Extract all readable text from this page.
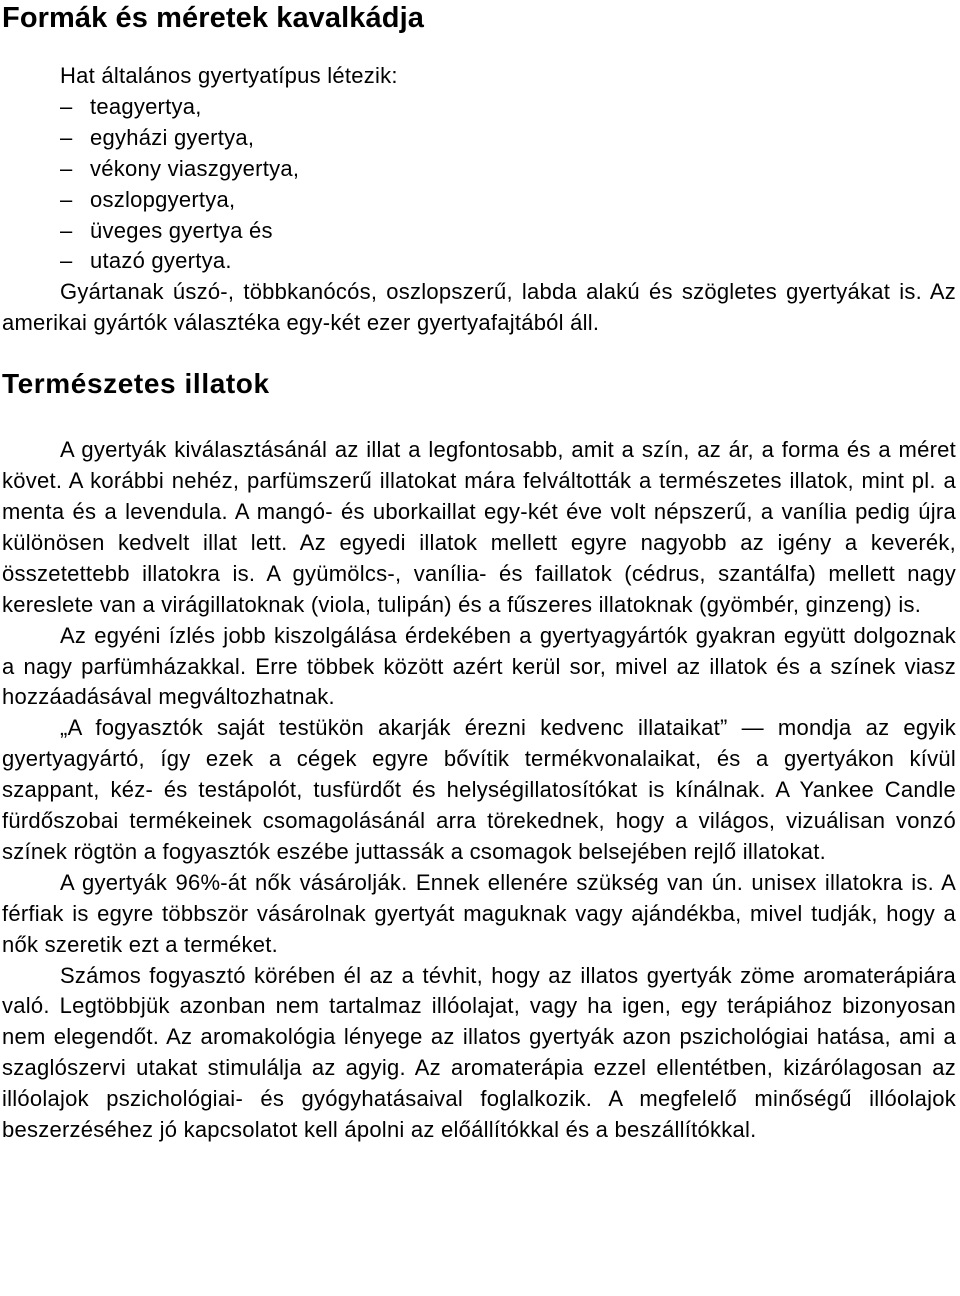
Formák és méretek kavalkádja
Hat általános gyertyatípus létezik:
– teagyertya,
– egyházi gyertya,
– vékony viaszgyertya,
– oszlopgyertya,
– üveges gyertya és
– utazó gyertya.

Gyártanak úszó-, többkanócós, oszlopszerű, labda alakú és szögletes gyertyákat is. Az amerikai gyártók választéka egy-két ezer gyertyafajtából áll.

Természetes illatok

A gyertyák kiválasztásánál az illat a legfontosabb, amit a szín, az ár, a forma és a méret követ. A korábbi nehéz, parfümszerű illatokat mára felváltották a természetes illatok, mint pl. a menta és a levendula. A mangó- és uborkaillat egy-két éve volt népszerű, a vanília pedig újra különösen kedvelt illat lett. Az egyedi illatok mellett egyre nagyobb az igény a keverék, összetettebb illatokra is. A gyümölcs-, vanília- és faillatok (cédrus, szantálfa) mellett nagy kereslete van a virágillatoknak (viola, tulipán) és a fűszeres illatoknak (gyömbér, ginzeng) is.

Az egyéni ízlés jobb kiszolgálása érdekében a gyertyagyártók gyakran együtt dolgoznak a nagy parfümházakkal. Erre többek között azért kerül sor, mivel az illatok és a színek viasz hozzáadásával megváltozhatnak.

„A fogyasztók saját testükön akarják érezni kedvenc illataikat” — mondja az egyik gyertyagyártó, így ezek a cégek egyre bővítik termékvonalaikat, és a gyertyákon kívül szappant, kéz- és testápolót, tusfürdőt és helységillatosítókat is kínálnak. A Yankee Candle fürdőszobai termékeinek csomagolásánál arra törekednek, hogy a világos, vizuálisan vonzó színek rögtön a fogyasztók eszébe juttassák a csomagok belsejében rejlő illatokat.

A gyertyák 96%-át nők vásárolják. Ennek ellenére szükség van ún. unisex illatokra is. A férfiak is egyre többször vásárolnak gyertyát maguknak vagy ajándékba, mivel tudják, hogy a nők szeretik ezt a terméket.

Számos fogyasztó körében él az a tévhit, hogy az illatos gyertyák zöme aromaterápiára való. Legtöbbjük azonban nem tartalmaz illóolajat, vagy ha igen, egy terápiához bizonyosan nem elegendőt. Az aromakológia lényege az illatos gyertyák azon pszichológiai hatása, ami a szaglószervi utakat stimulálja az agyig. Az aromaterápia ezzel ellentétben, kizárólagosan az illóolajok pszichológiai- és gyógyhatásaival foglalkozik. A megfelelő minőségű illóolajok beszerzéséhez jó kapcsolatot kell ápolni az előállítókkal és a beszállítókkal.
